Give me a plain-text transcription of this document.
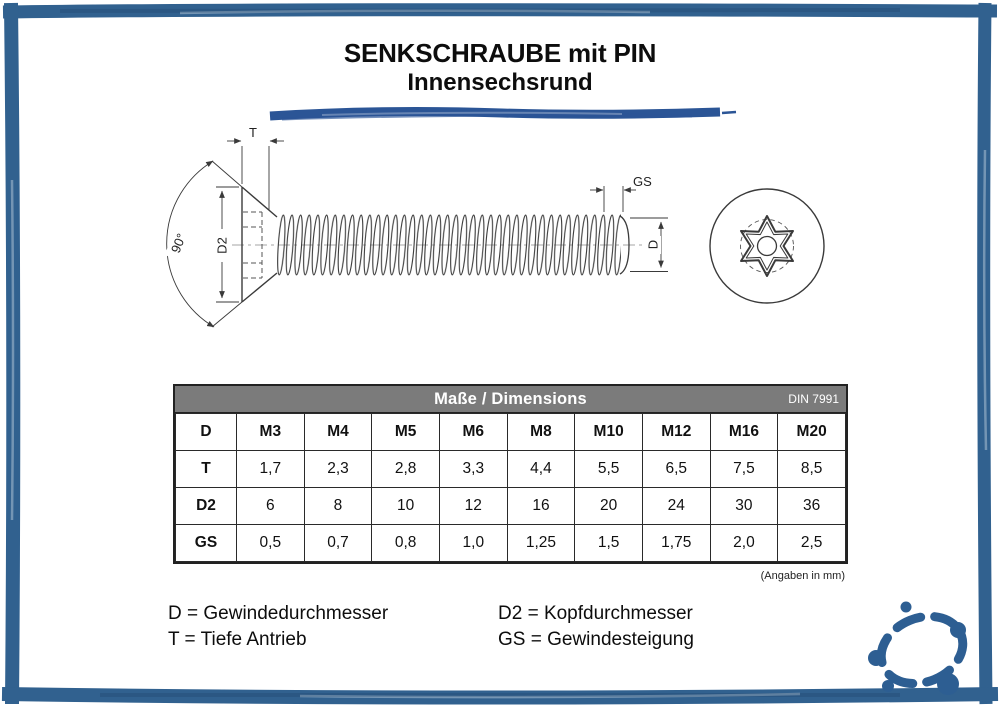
SENKSCHRAUBE mit PIN
Innensechsrund
T
D2
90°
GS
D
Maße / Dimensions	DIN 7991
D	M3	M4	M5	M6	M8	M10	M12	M16	M20
T	1,7	2,3	2,8	3,3	4,4	5,5	6,5	7,5	8,5
D2	6	8	10	12	16	20	24	30	36
GS	0,5	0,7	0,8	1,0	1,25	1,5	1,75	2,0	2,5
(Angaben in mm)
D = Gewindedurchmesser
T = Tiefe Antrieb
D2 = Kopfdurchmesser
GS = Gewindesteigung
